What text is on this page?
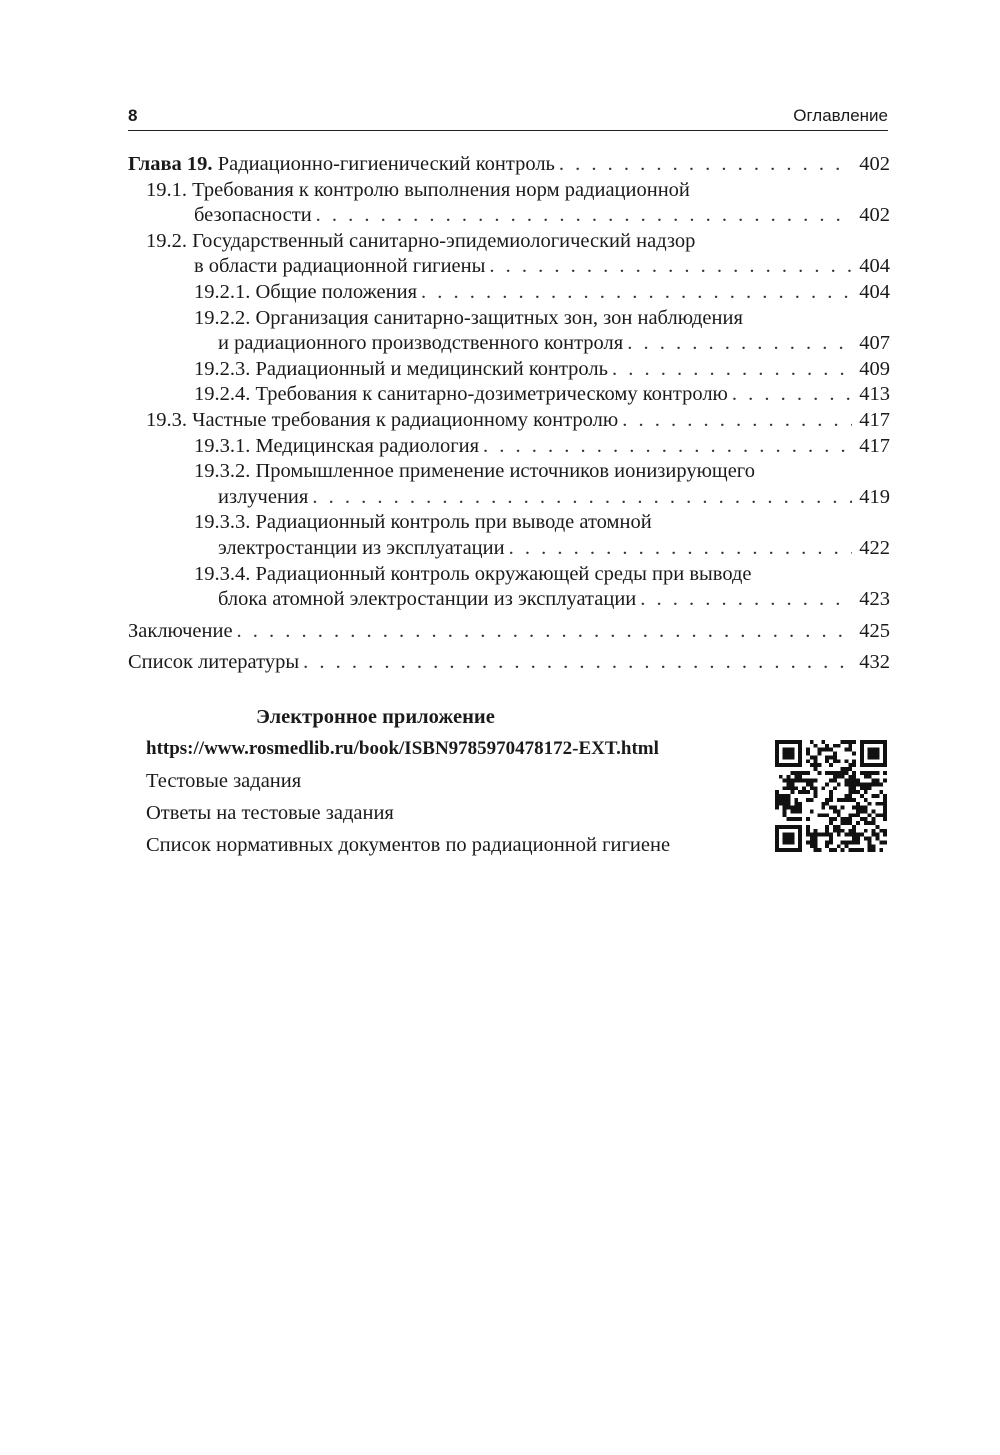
8	Оглавление
Глава 19. Радиационно-гигиенический контроль . . .	402
19.1. Требования к контролю выполнения норм радиационной
безопасности . . .	402
19.2. Государственный санитарно-эпидемиологический надзор
в области радиационной гигиены . . .	404
19.2.1. Общие положения . . .	404
19.2.2. Организация санитарно-защитных зон, зон наблюдения
и радиационного производственного контроля . . .	407
19.2.3. Радиационный и медицинский контроль . . .	409
19.2.4. Требования к санитарно-дозиметрическому контролю . . .	413
19.3. Частные требования к радиационному контролю . . .	417
19.3.1. Медицинская радиология . . .	417
19.3.2. Промышленное применение источников ионизирующего
излучения . . .	419
19.3.3. Радиационный контроль при выводе атомной
электростанции из эксплуатации . . .	422
19.3.4. Радиационный контроль окружающей среды при выводе
блока атомной электростанции из эксплуатации . . .	423
Заключение . . .	425
Список литературы . . .	432
Электронное приложение
https://www.rosmedlib.ru/book/ISBN9785970478172-EXT.html
Тестовые задания
Ответы на тестовые задания
Список нормативных документов по радиационной гигиене
